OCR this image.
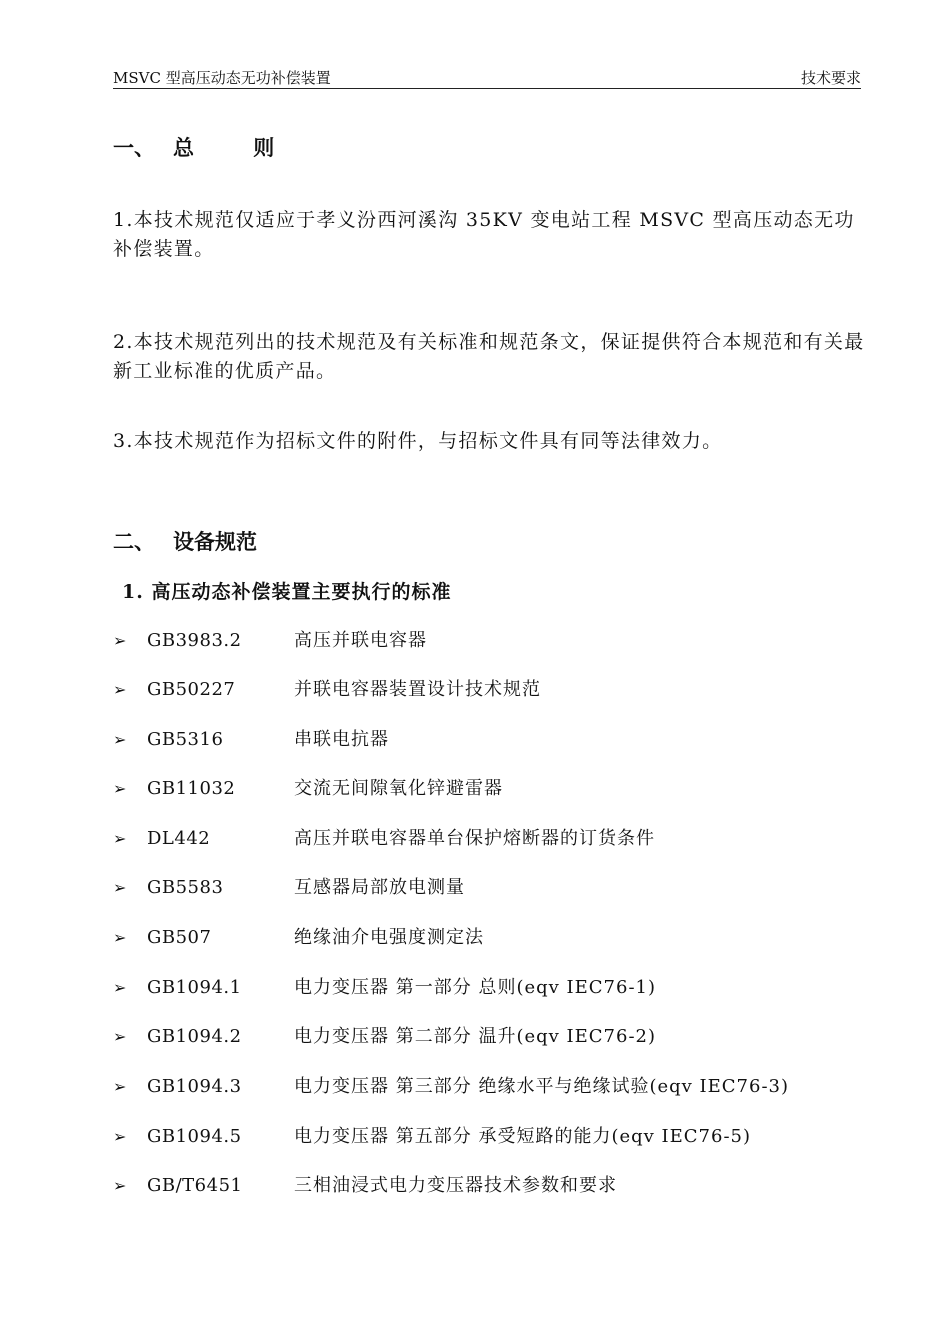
MSVC 型高压动态无功补偿装置	技术要求
一、 总 则
1.本技术规范仅适应于孝义汾西河溪沟 35KV 变电站工程 MSVC 型高压动态无功补偿装置。
2.本技术规范列出的技术规范及有关标准和规范条文，保证提供符合本规范和有关最新工业标准的优质产品。
3.本技术规范作为招标文件的附件，与招标文件具有同等法律效力。
二、 设备规范
1. 高压动态补偿装置主要执行的标准
➢	GB3983.2	高压并联电容器
➢	GB50227	并联电容器装置设计技术规范
➢	GB5316	串联电抗器
➢	GB11032	交流无间隙氧化锌避雷器
➢	DL442	高压并联电容器单台保护熔断器的订货条件
➢	GB5583	互感器局部放电测量
➢	GB507	绝缘油介电强度测定法
➢	GB1094.1	电力变压器 第一部分 总则(eqv IEC76-1)
➢	GB1094.2	电力变压器 第二部分 温升(eqv IEC76-2)
➢	GB1094.3	电力变压器 第三部分 绝缘水平与绝缘试验(eqv IEC76-3)
➢	GB1094.5	电力变压器 第五部分 承受短路的能力(eqv IEC76-5)
➢	GB/T6451	三相油浸式电力变压器技术参数和要求
